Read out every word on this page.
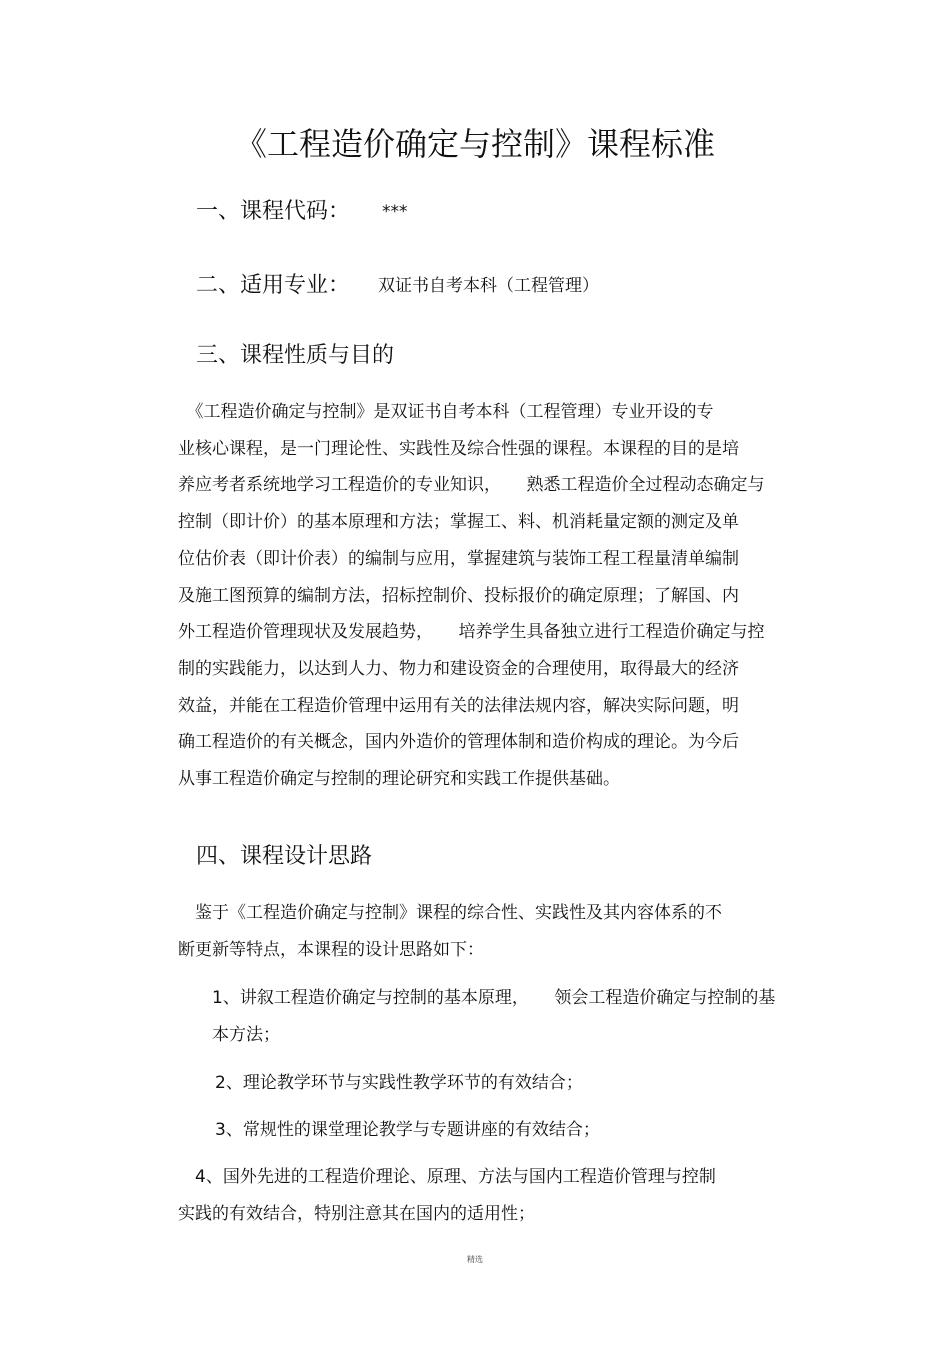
《工程造价确定与控制》课程标准
一、课程代码： ***
二、适用专业： 双证书自考本科（工程管理）
三、课程性质与目的
　《工程造价确定与控制》是双证书自考本科（工程管理）专业开设的专
业核心课程，是一门理论性、实践性及综合性强的课程。本课程的目的是培
养应考者系统地学习工程造价的专业知识，　　熟悉工程造价全过程动态确定与
控制（即计价）的基本原理和方法；掌握工、料、机消耗量定额的测定及单
位估价表（即计价表）的编制与应用，掌握建筑与装饰工程工程量清单编制
及施工图预算的编制方法，招标控制价、投标报价的确定原理；了解国、内
外工程造价管理现状及发展趋势，　　培养学生具备独立进行工程造价确定与控
制的实践能力，以达到人力、物力和建设资金的合理使用，取得最大的经济
效益，并能在工程造价管理中运用有关的法律法规内容，解决实际问题，明
确工程造价的有关概念，国内外造价的管理体制和造价构成的理论。为今后
从事工程造价确定与控制的理论研究和实践工作提供基础。
四、课程设计思路
　鉴于《工程造价确定与控制》课程的综合性、实践性及其内容体系的不
断更新等特点，本课程的设计思路如下：
1、讲叙工程造价确定与控制的基本原理，　　领会工程造价确定与控制的基
本方法；
2、理论教学环节与实践性教学环节的有效结合；
3、常规性的课堂理论教学与专题讲座的有效结合；
　4、国外先进的工程造价理论、原理、方法与国内工程造价管理与控制
实践的有效结合，特别注意其在国内的适用性；
精选
